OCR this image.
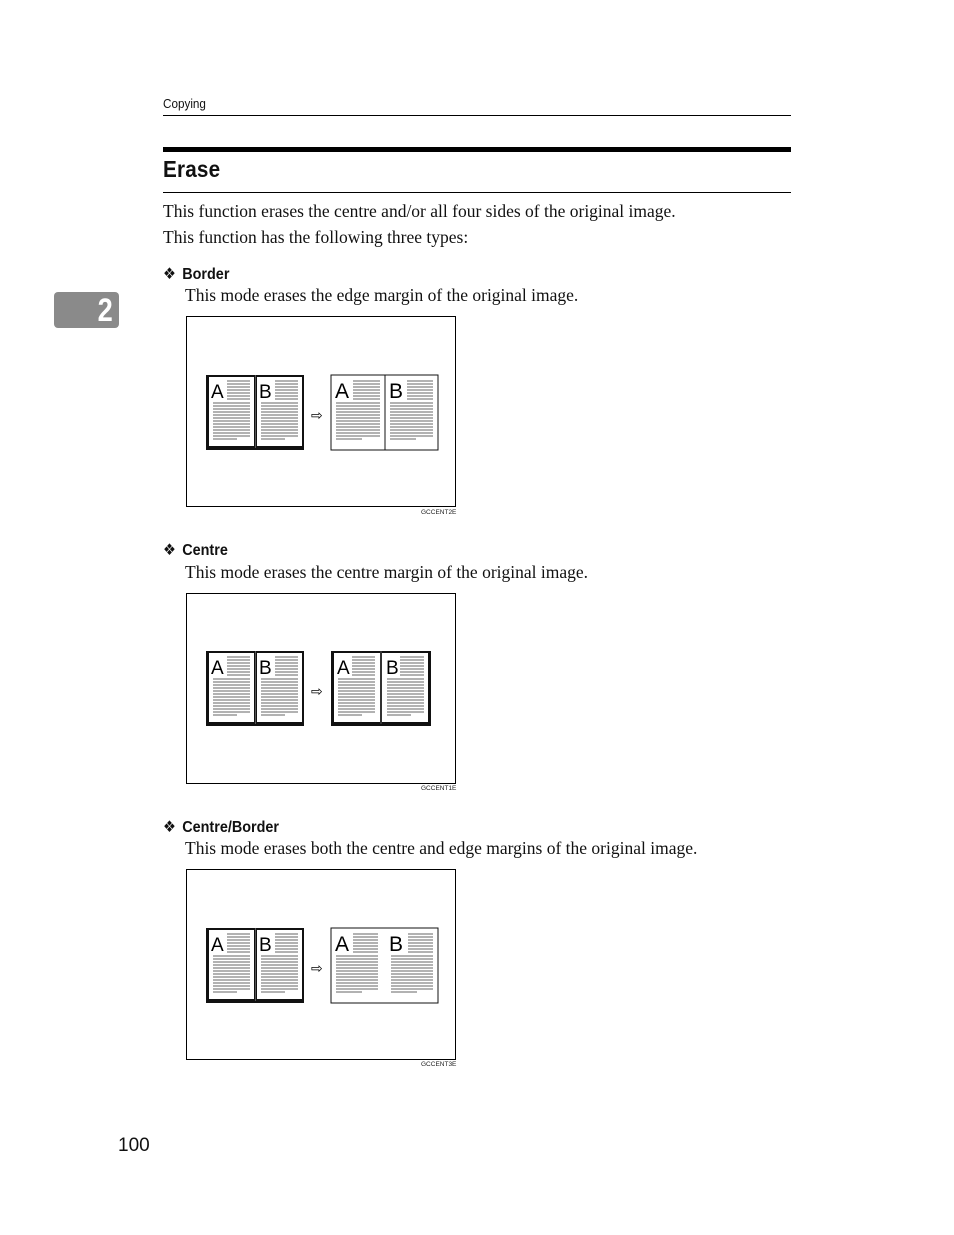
Copying
2
Erase
This function erases the centre and/or all four sides of the original image.
This function has the following three types:
❖ Border
This mode erases the edge margin of the original image.
A B
⇨
A B
GCCENT2E
❖ Centre
This mode erases the centre margin of the original image.
A B
⇨
A B
GCCENT1E
❖ Centre/Border
This mode erases both the centre and edge margins of the original image.
A B
⇨
A B
GCCENT3E
100
